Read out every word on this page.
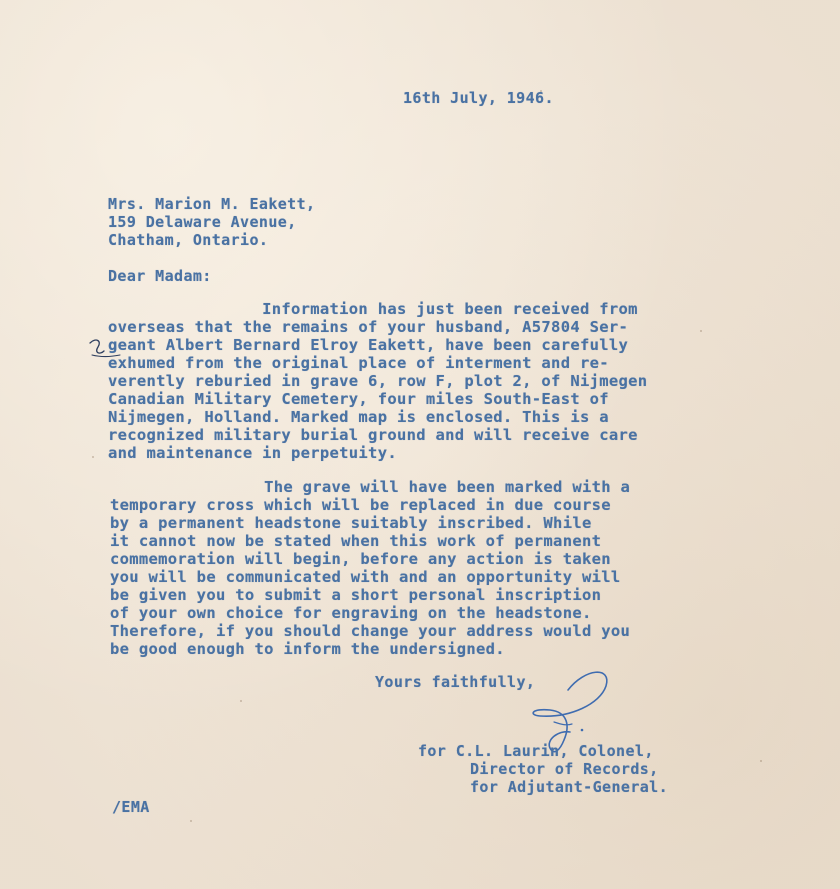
16th July, 1946.
Mrs. Marion M. Eakett,
159 Delaware Avenue,
Chatham, Ontario.
Dear Madam:
Information has just been received from
overseas that the remains of your husband, A57804 Ser-
geant Albert Bernard Elroy Eakett, have been carefully
exhumed from the original place of interment and re-
verently reburied in grave 6, row F, plot 2, of Nijmegen
Canadian Military Cemetery, four miles South-East of
Nijmegen, Holland. Marked map is enclosed. This is a
recognized military burial ground and will receive care
and maintenance in perpetuity.
The grave will have been marked with a
temporary cross which will be replaced in due course
by a permanent headstone suitably inscribed. While
it cannot now be stated when this work of permanent
commemoration will begin, before any action is taken
you will be communicated with and an opportunity will
be given you to submit a short personal inscription
of your own choice for engraving on the headstone.
Therefore, if you should change your address would you
be good enough to inform the undersigned.
Yours faithfully,
for C.L. Laurin, Colonel,
Director of Records,
for Adjutant-General.
/EMA
